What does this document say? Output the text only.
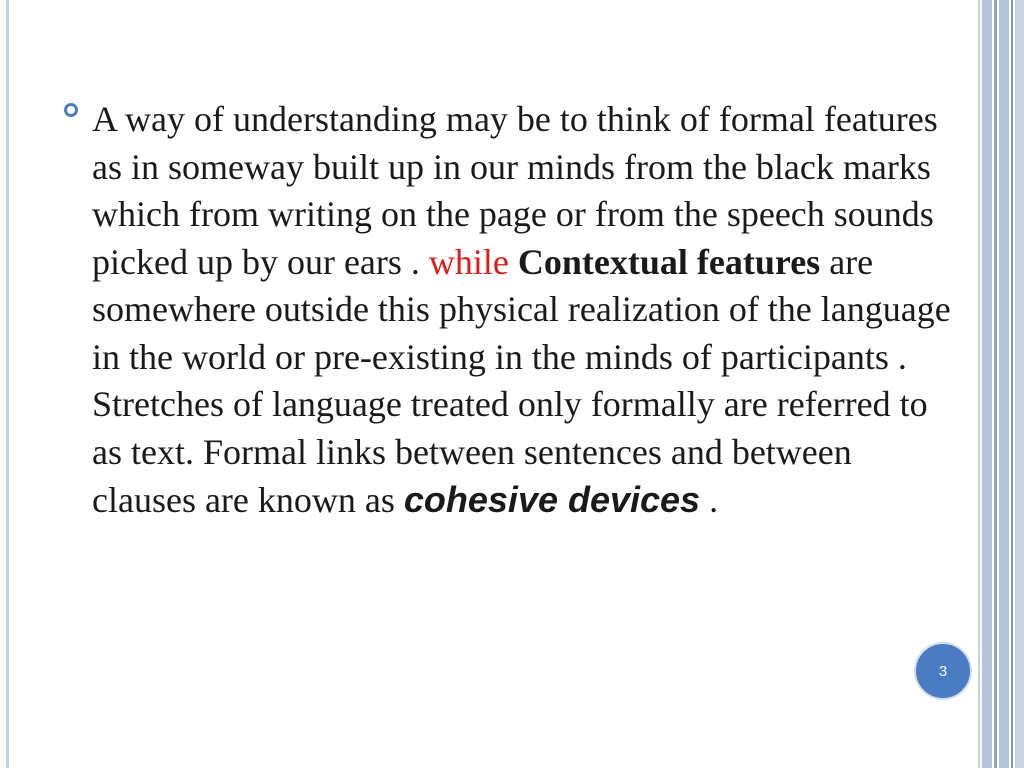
A way of understanding may be to think of formal features as in someway built up in our minds from the black marks which from writing on the page or from the speech sounds picked up by our ears . while Contextual features are somewhere outside this physical realization of the language in the world or pre-existing in the minds of participants . Stretches of language treated only formally are referred to as text. Formal links between sentences and between clauses are known as cohesive devices .

3
